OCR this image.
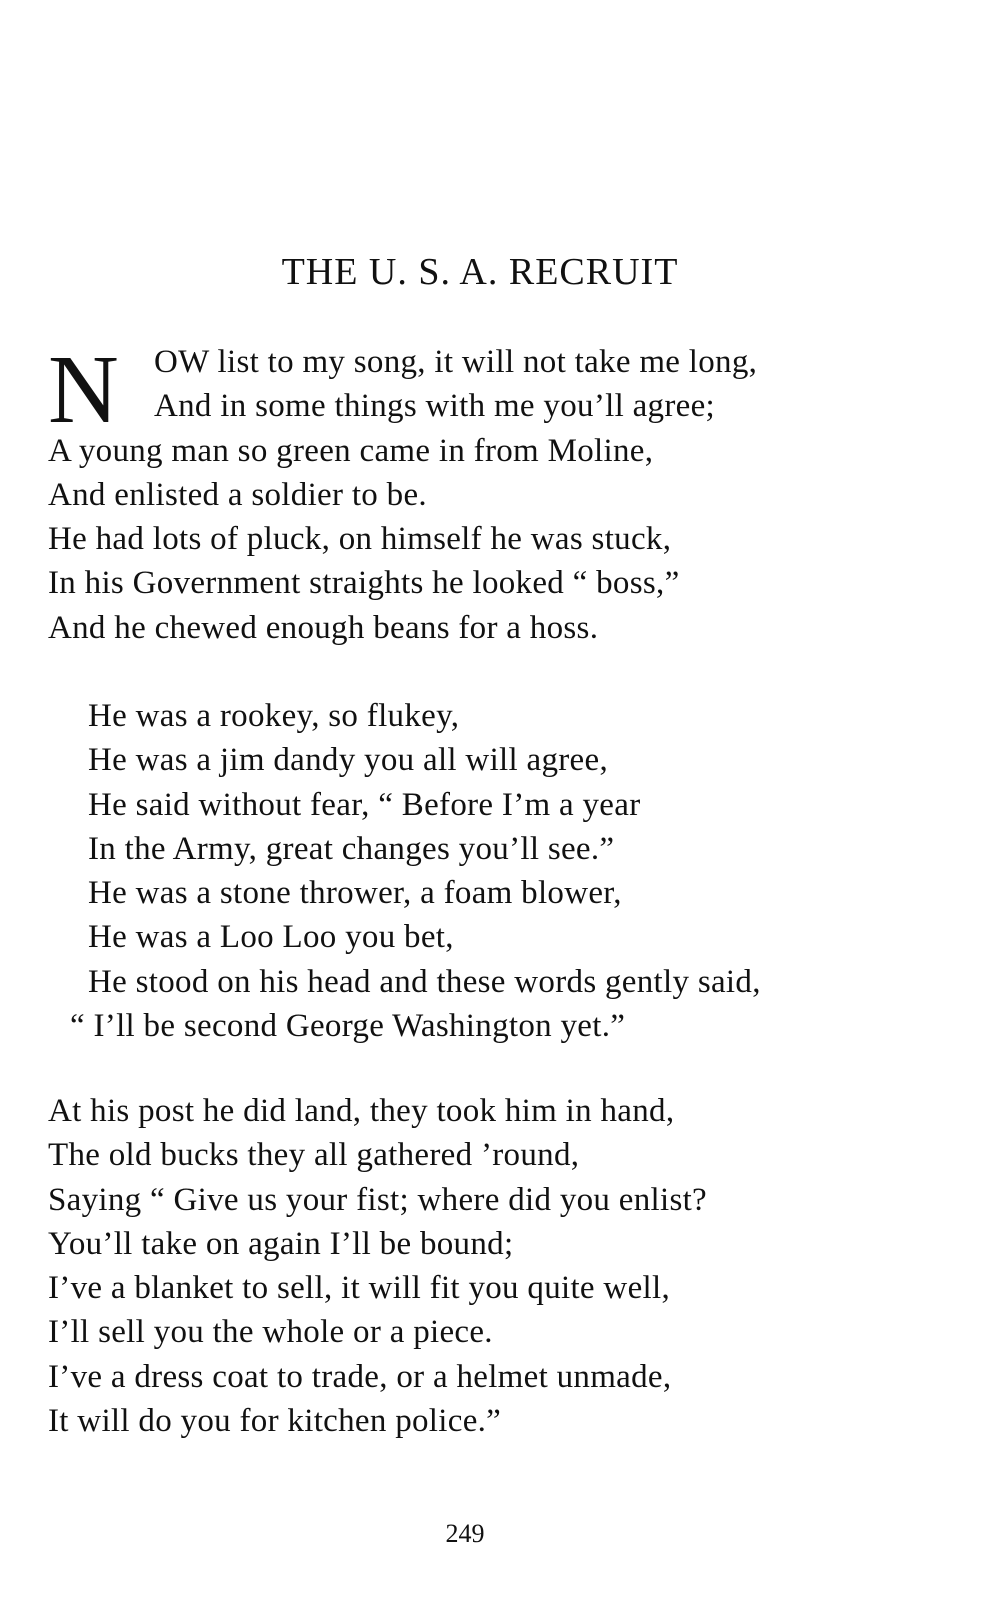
THE U. S. A. RECRUIT
N	OW list to my song, it will not take me long,
And in some things with me you’ll agree;
A young man so green came in from Moline,
And enlisted a soldier to be.
He had lots of pluck, on himself he was stuck,
In his Government straights he looked “ boss,”
And he chewed enough beans for a hoss.
He was a rookey, so flukey,
He was a jim dandy you all will agree,
He said without fear, “ Before I’m a year
In the Army, great changes you’ll see.”
He was a stone thrower, a foam blower,
He was a Loo Loo you bet,
He stood on his head and these words gently said,
“ I’ll be second George Washington yet.”
At his post he did land, they took him in hand,
The old bucks they all gathered ’round,
Saying “ Give us your fist; where did you enlist?
You’ll take on again I’ll be bound;
I’ve a blanket to sell, it will fit you quite well,
I’ll sell you the whole or a piece.
I’ve a dress coat to trade, or a helmet unmade,
It will do you for kitchen police.”
249
